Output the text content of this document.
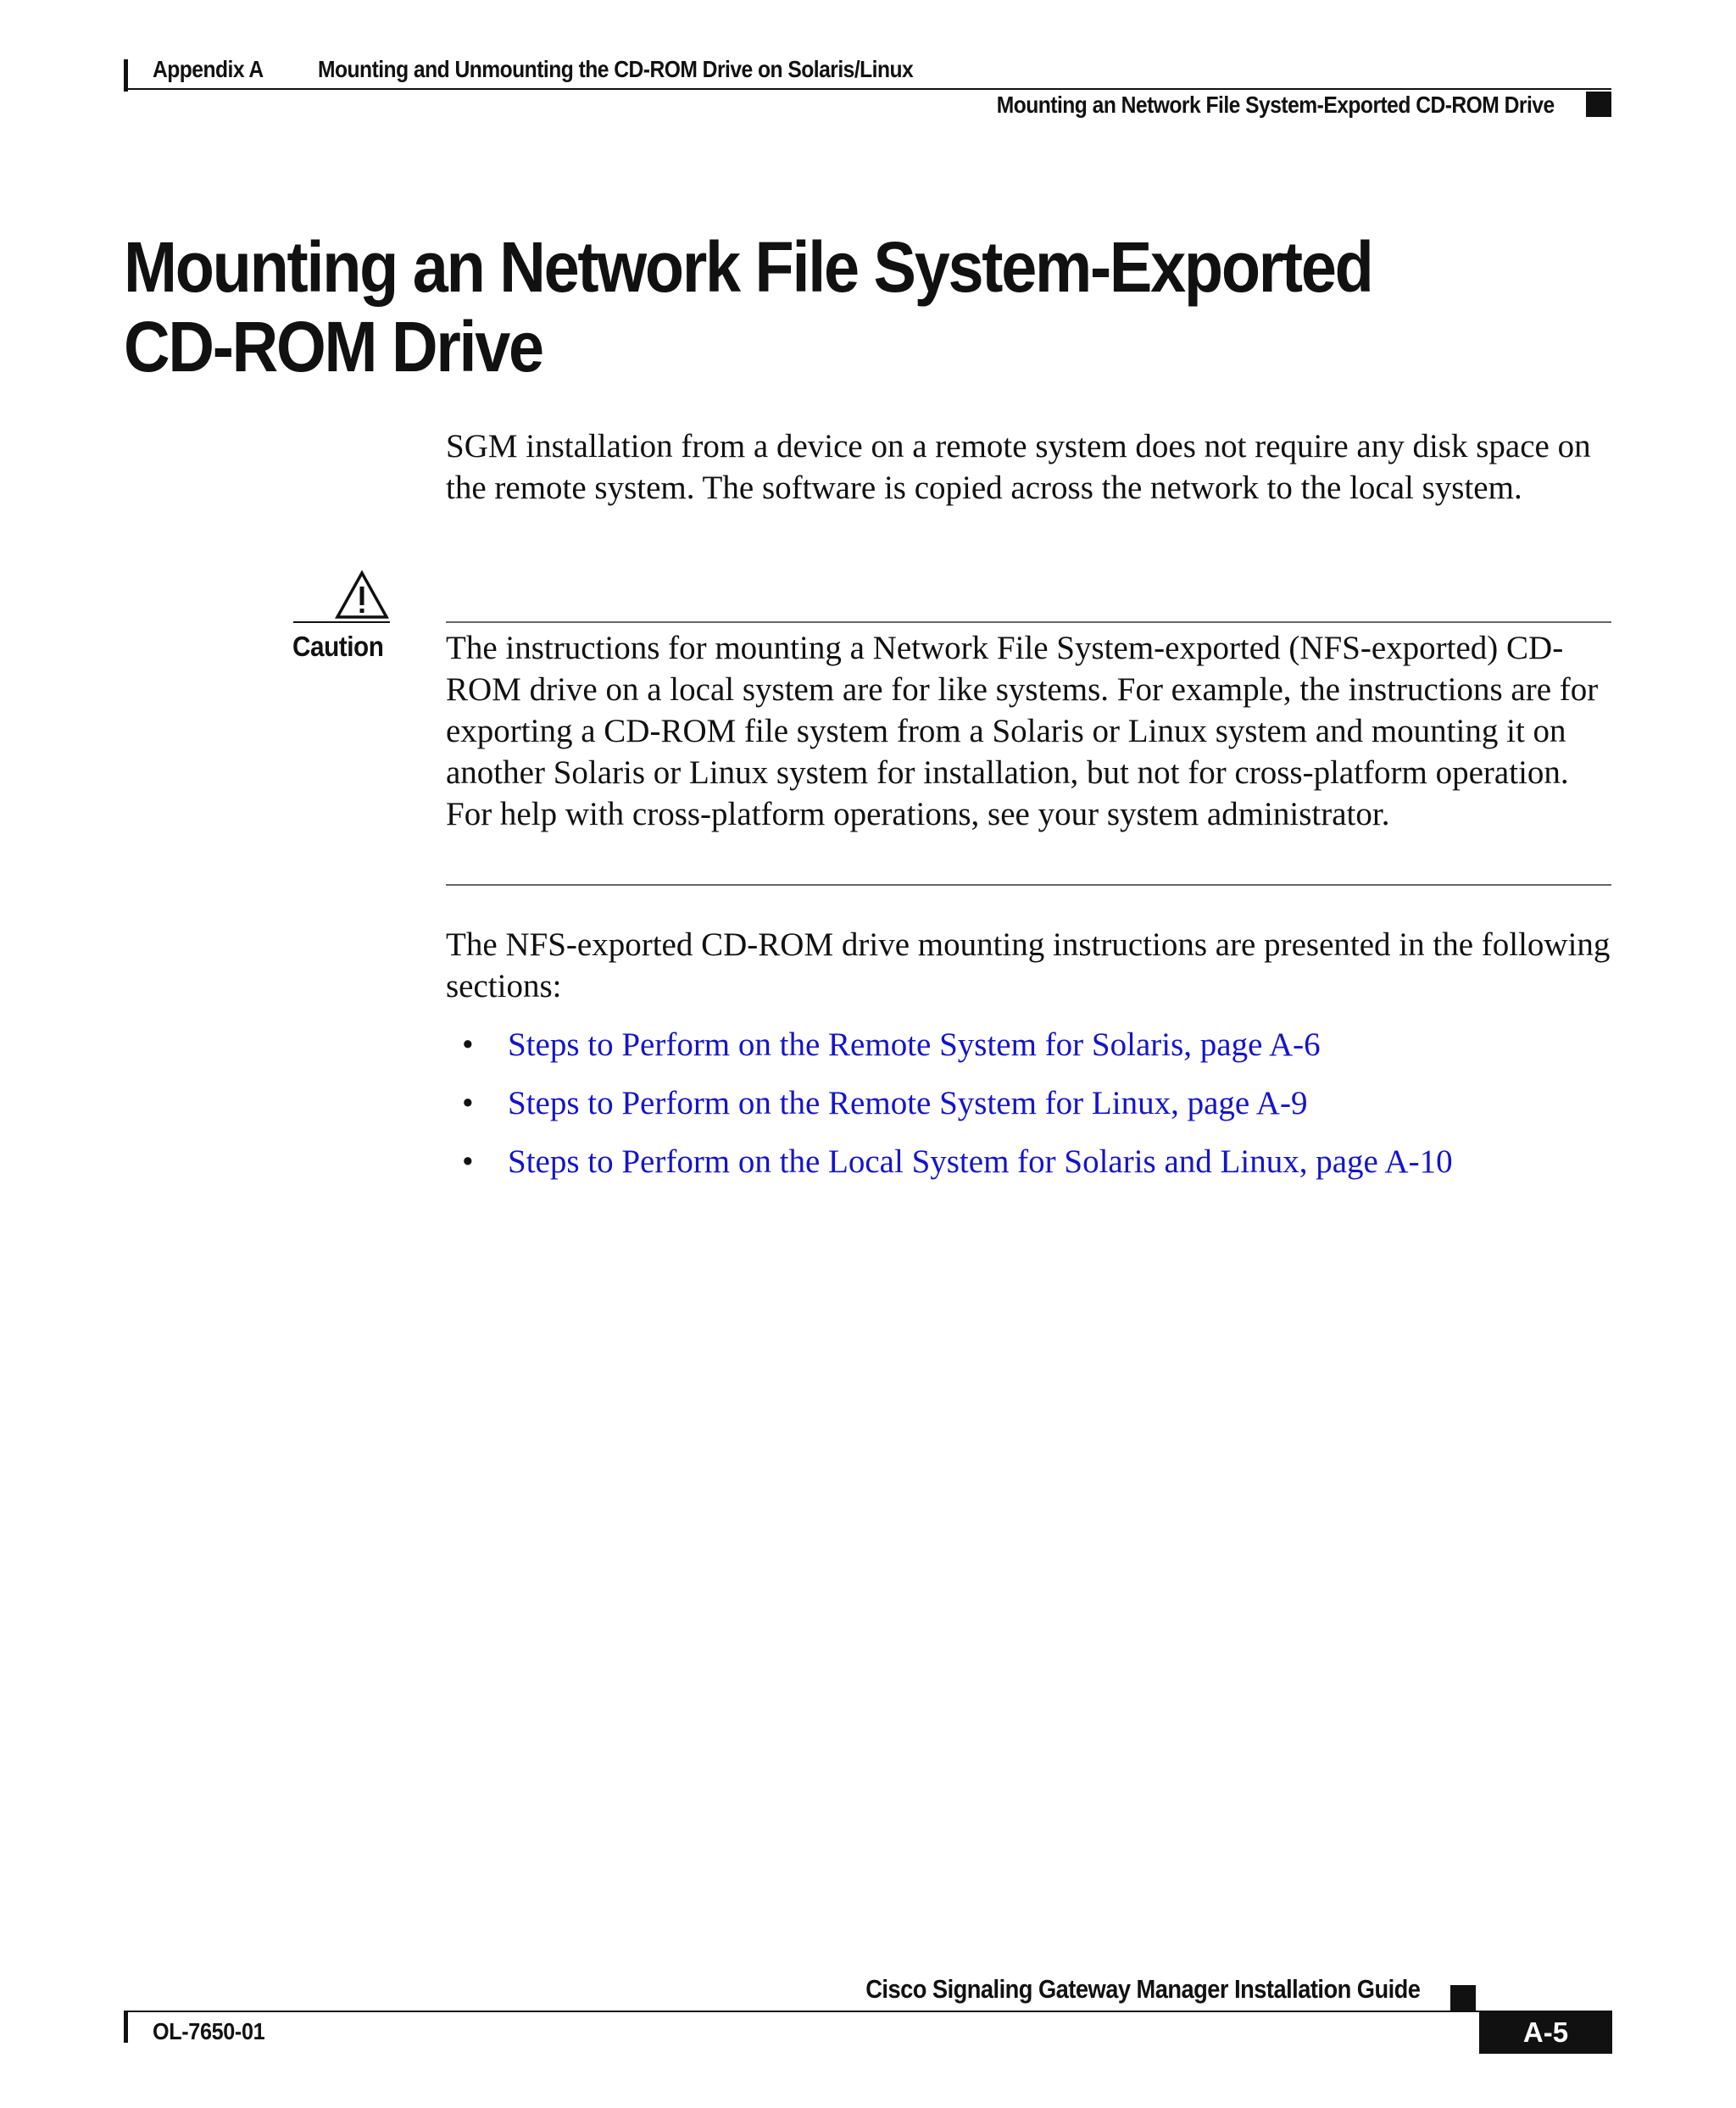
Appendix A Mounting and Unmounting the CD-ROM Drive on Solaris/Linux
Mounting an Network File System-Exported CD-ROM Drive
Mounting an Network File System-Exported
CD-ROM Drive

SGM installation from a device on a remote system does not require any disk space on the remote system. The software is copied across the network to the local system.

Caution The instructions for mounting a Network File System-exported (NFS-exported) CD-ROM drive on a local system are for like systems. For example, the instructions are for exporting a CD-ROM file system from a Solaris or Linux system and mounting it on another Solaris or Linux system for installation, but not for cross-platform operation. For help with cross-platform operations, see your system administrator.

The NFS-exported CD-ROM drive mounting instructions are presented in the following sections:

• Steps to Perform on the Remote System for Solaris, page A-6
• Steps to Perform on the Remote System for Linux, page A-9
• Steps to Perform on the Local System for Solaris and Linux, page A-10
Cisco Signaling Gateway Manager Installation Guide
OL-7650-01	A-5
